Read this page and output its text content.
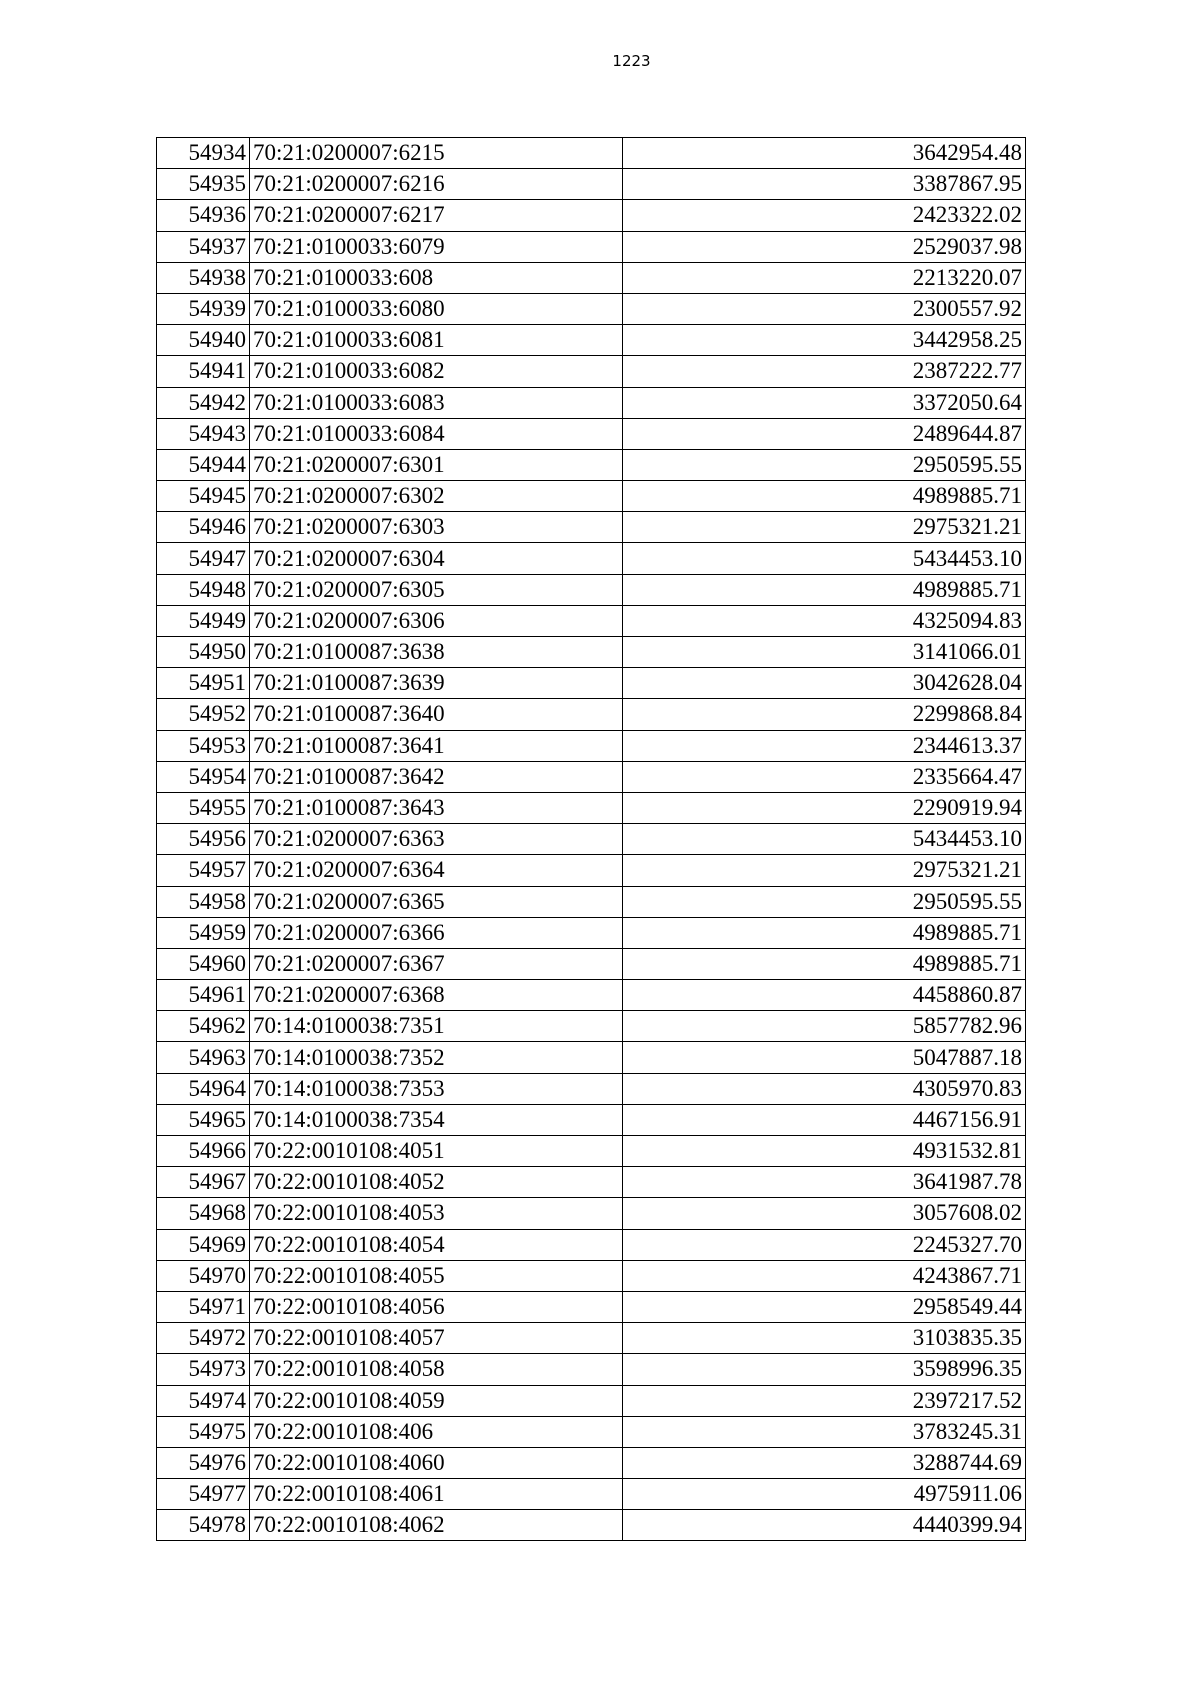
1223
54934	70:21:0200007:6215	3642954.48
54935	70:21:0200007:6216	3387867.95
54936	70:21:0200007:6217	2423322.02
54937	70:21:0100033:6079	2529037.98
54938	70:21:0100033:608	2213220.07
54939	70:21:0100033:6080	2300557.92
54940	70:21:0100033:6081	3442958.25
54941	70:21:0100033:6082	2387222.77
54942	70:21:0100033:6083	3372050.64
54943	70:21:0100033:6084	2489644.87
54944	70:21:0200007:6301	2950595.55
54945	70:21:0200007:6302	4989885.71
54946	70:21:0200007:6303	2975321.21
54947	70:21:0200007:6304	5434453.10
54948	70:21:0200007:6305	4989885.71
54949	70:21:0200007:6306	4325094.83
54950	70:21:0100087:3638	3141066.01
54951	70:21:0100087:3639	3042628.04
54952	70:21:0100087:3640	2299868.84
54953	70:21:0100087:3641	2344613.37
54954	70:21:0100087:3642	2335664.47
54955	70:21:0100087:3643	2290919.94
54956	70:21:0200007:6363	5434453.10
54957	70:21:0200007:6364	2975321.21
54958	70:21:0200007:6365	2950595.55
54959	70:21:0200007:6366	4989885.71
54960	70:21:0200007:6367	4989885.71
54961	70:21:0200007:6368	4458860.87
54962	70:14:0100038:7351	5857782.96
54963	70:14:0100038:7352	5047887.18
54964	70:14:0100038:7353	4305970.83
54965	70:14:0100038:7354	4467156.91
54966	70:22:0010108:4051	4931532.81
54967	70:22:0010108:4052	3641987.78
54968	70:22:0010108:4053	3057608.02
54969	70:22:0010108:4054	2245327.70
54970	70:22:0010108:4055	4243867.71
54971	70:22:0010108:4056	2958549.44
54972	70:22:0010108:4057	3103835.35
54973	70:22:0010108:4058	3598996.35
54974	70:22:0010108:4059	2397217.52
54975	70:22:0010108:406	3783245.31
54976	70:22:0010108:4060	3288744.69
54977	70:22:0010108:4061	4975911.06
54978	70:22:0010108:4062	4440399.94
